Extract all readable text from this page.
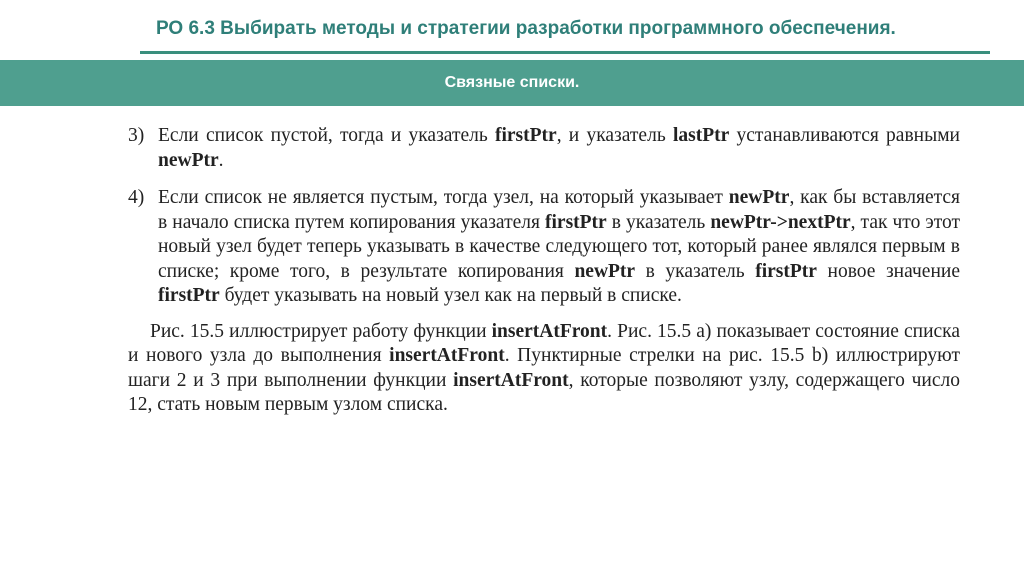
РО 6.3 Выбирать методы и стратегии разработки программного обеспечения.
Связные списки.
3) Если список пустой, тогда и указатель firstPtr, и указатель lastPtr устанавливаются равными newPtr.
4) Если список не является пустым, тогда узел, на который указывает newPtr, как бы вставляется в начало списка путем копирования указателя firstPtr в указатель newPtr->nextPtr, так что этот новый узел будет теперь указывать в качестве следующего тот, который ранее являлся первым в списке; кроме того, в результате копирования newPtr в указатель firstPtr новое значение firstPtr будет указывать на новый узел как на первый в списке.
Рис. 15.5 иллюстрирует работу функции insertAtFront. Рис. 15.5 а) показывает состояние списка и нового узла до выполнения insertAtFront. Пунктирные стрелки на рис. 15.5 b) иллюстрируют шаги 2 и 3 при выполнении функции insertAtFront, которые позволяют узлу, содержащего число 12, стать новым первым узлом списка.
